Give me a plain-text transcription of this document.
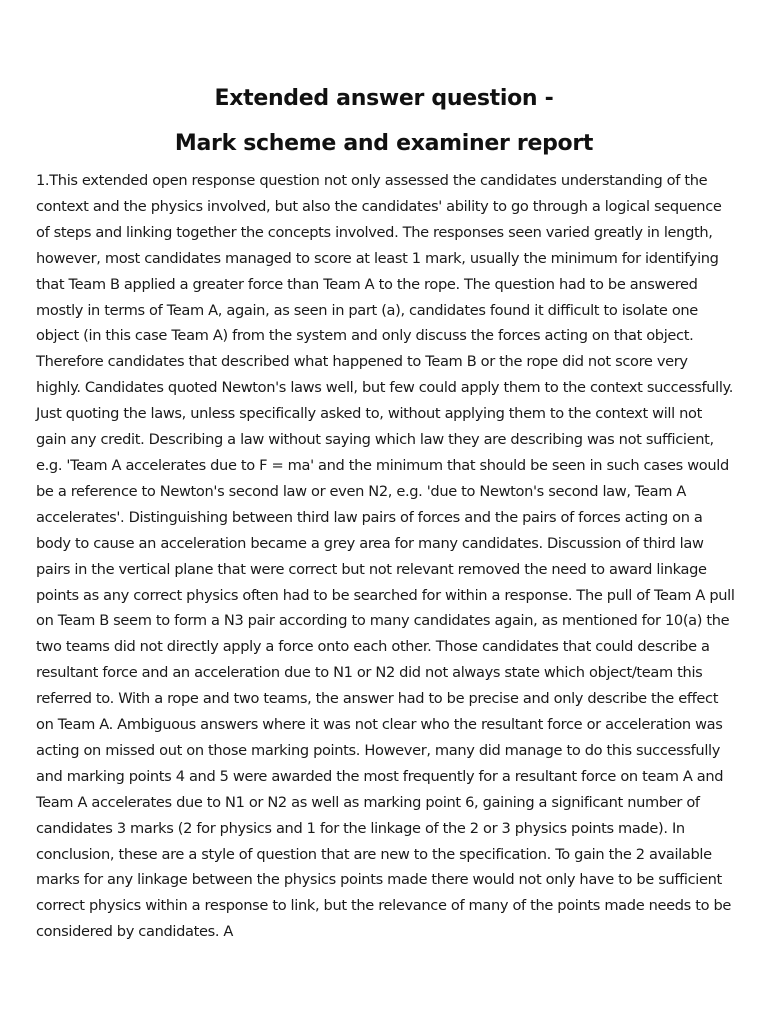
Extended answer question -

Mark scheme and examiner report

1.This extended open response question not only assessed the candidates understanding of the context and the physics involved, but also the candidates' ability to go through a logical sequence of steps and linking together the concepts involved. The responses seen varied greatly in length, however, most candidates managed to score at least 1 mark, usually the minimum for identifying that Team B applied a greater force than Team A to the rope. The question had to be answered mostly in terms of Team A, again, as seen in part (a), candidates found it difficult to isolate one object (in this case Team A) from the system and only discuss the forces acting on that object. Therefore candidates that described what happened to Team B or the rope did not score very highly. Candidates quoted Newton's laws well, but few could apply them to the context successfully. Just quoting the laws, unless specifically asked to, without applying them to the context will not gain any credit. Describing a law without saying which law they are describing was not sufficient, e.g. 'Team A accelerates due to F = ma' and the minimum that should be seen in such cases would be a reference to Newton's second law or even N2, e.g. 'due to Newton's second law, Team A accelerates'. Distinguishing between third law pairs of forces and the pairs of forces acting on a body to cause an acceleration became a grey area for many candidates. Discussion of third law pairs in the vertical plane that were correct but not relevant removed the need to award linkage points as any correct physics often had to be searched for within a response. The pull of Team A pull on Team B seem to form a N3 pair according to many candidates again, as mentioned for 10(a) the two teams did not directly apply a force onto each other. Those candidates that could describe a resultant force and an acceleration due to N1 or N2 did not always state which object/team this referred to. With a rope and two teams, the answer had to be precise and only describe the effect on Team A. Ambiguous answers where it was not clear who the resultant force or acceleration was acting on missed out on those marking points. However, many did manage to do this successfully and marking points 4 and 5 were awarded the most frequently for a resultant force on team A and Team A accelerates due to N1 or N2 as well as marking point 6, gaining a significant number of candidates 3 marks (2 for physics and 1 for the linkage of the 2 or 3 physics points made). In conclusion, these are a style of question that are new to the specification. To gain the 2 available marks for any linkage between the physics points made there would not only have to be sufficient correct physics within a response to link, but the relevance of many of the points made needs to be considered by candidates. A
